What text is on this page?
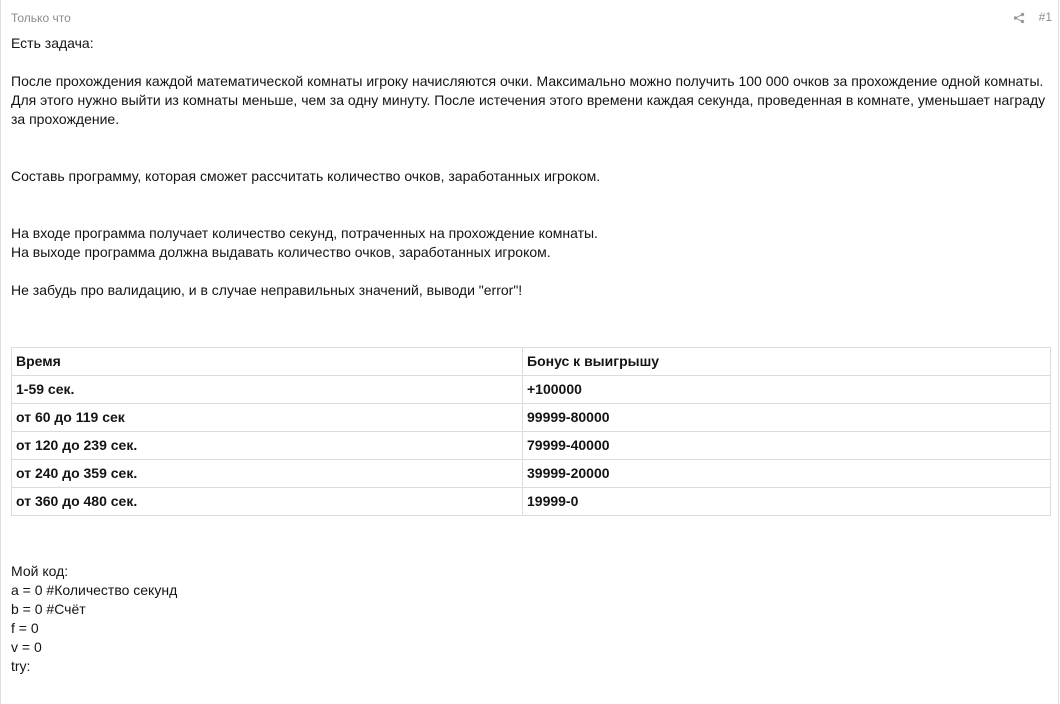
Только что	#1

Есть задача:

После прохождения каждой математической комнаты игроку начисляются очки. Максимально можно получить 100 000 очков за прохождение одной комнаты. Для этого нужно выйти из комнаты меньше, чем за одну минуту. После истечения этого времени каждая секунда, проведенная в комнате, уменьшает награду за прохождение.

Составь программу, которая сможет рассчитать количество очков, заработанных игроком.

На входе программа получает количество секунд, потраченных на прохождение комнаты.

На выходе программа должна выдавать количество очков, заработанных игроком.

Не забудь про валидацию, и в случае неправильных значений, выводи "error"!

Время	Бонус к выигрышу
1-59 сек.	+100000
от 60 до 119 сек	99999-80000
от 120 до 239 сек.	79999-40000
от 240 до 359 сек.	39999-20000
от 360 до 480 сек.	19999-0

Мой код:

a = 0 #Количество секунд

b = 0 #Счёт

f = 0

v = 0

try:
